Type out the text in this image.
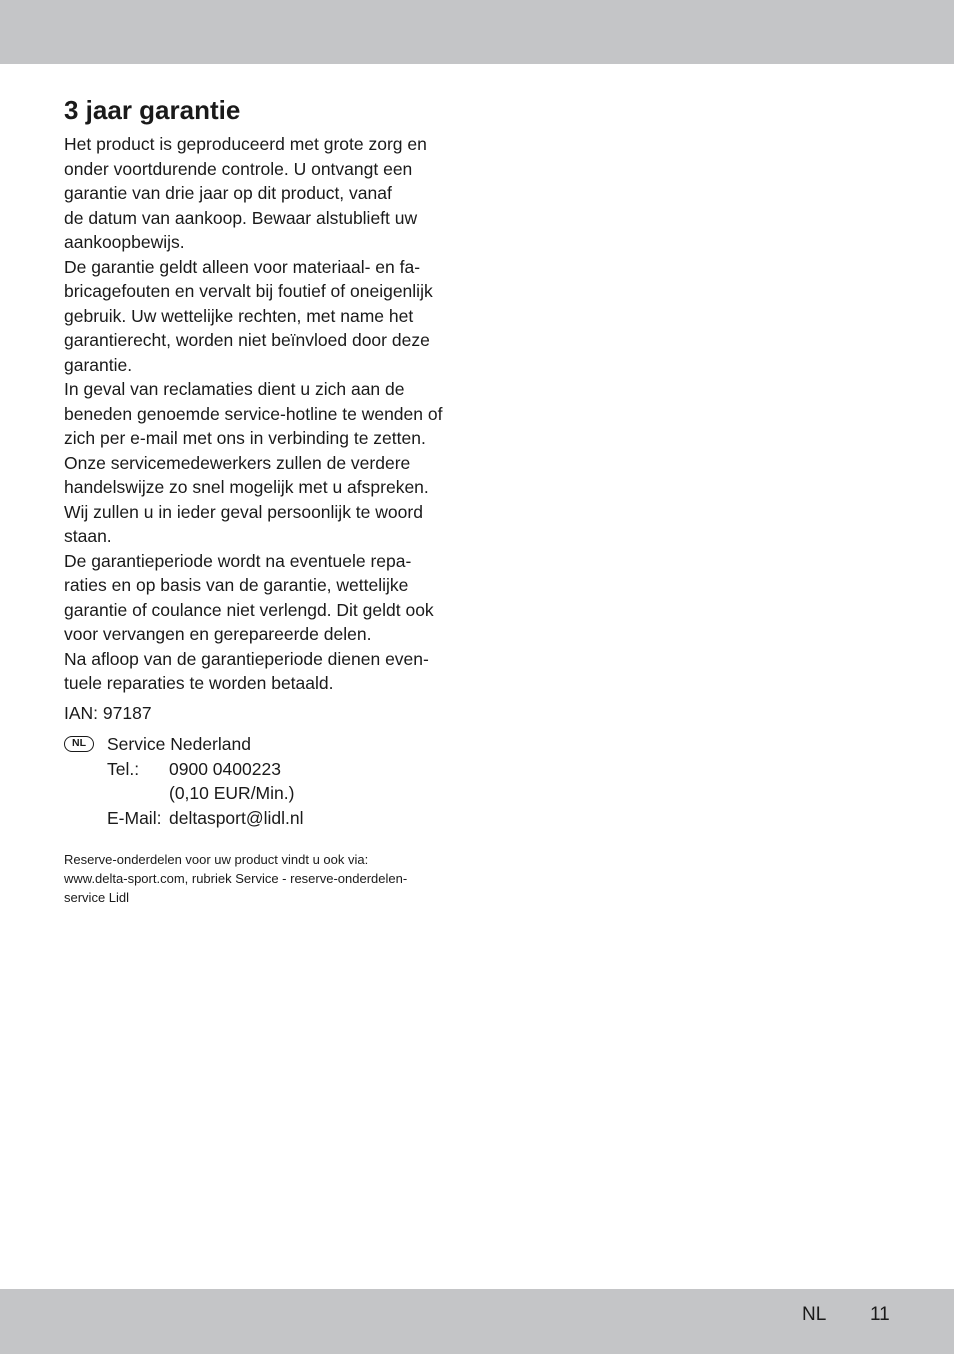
3 jaar garantie

Het product is geproduceerd met grote zorg en
onder voortdurende controle. U ontvangt een
garantie van drie jaar op dit product, vanaf
de datum van aankoop. Bewaar alstublieft uw
aankoopbewijs.

De garantie geldt alleen voor materiaal- en fa-
bricagefouten en vervalt bij foutief of oneigenlijk
gebruik. Uw wettelijke rechten, met name het
garantierecht, worden niet beïnvloed door deze
garantie.

In geval van reclamaties dient u zich aan de
beneden genoemde service-hotline te wenden of
zich per e-mail met ons in verbinding te zetten.
Onze servicemedewerkers zullen de verdere
handelswijze zo snel mogelijk met u afspreken.
Wij zullen u in ieder geval persoonlijk te woord
staan.

De garantieperiode wordt na eventuele repa-
raties en op basis van de garantie, wettelijke
garantie of coulance niet verlengd. Dit geldt ook
voor vervangen en gerepareerde delen.

Na afloop van de garantieperiode dienen even-
tuele reparaties te worden betaald.

IAN: 97187
NL	Service Nederland
Tel.:	0900 0400223
(0,10 EUR/Min.)
E-Mail: deltasport@lidl.nl
Reserve-onderdelen voor uw product vindt u ook via:
www.delta-sport.com, rubriek Service - reserve-onderdelen-
service Lidl
NL 11
